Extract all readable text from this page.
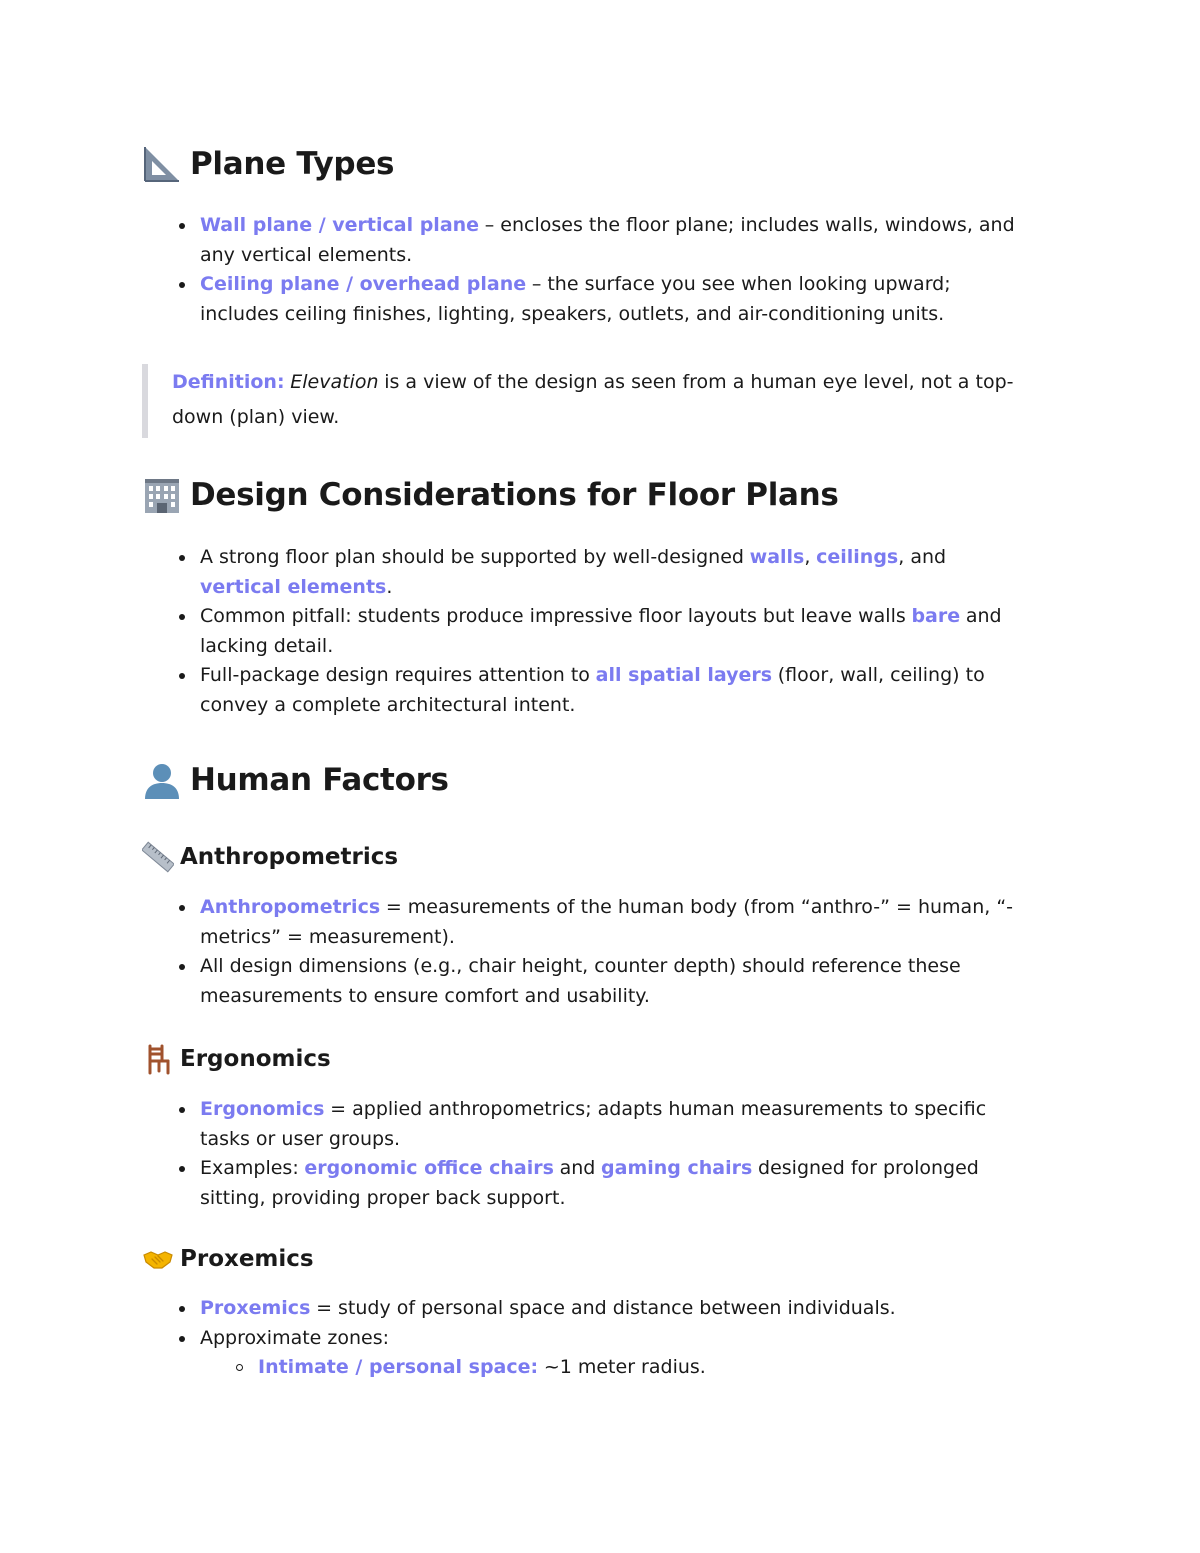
Plane Types
Wall plane / vertical plane – encloses the floor plane; includes walls, windows, and any vertical elements.
Ceiling plane / overhead plane – the surface you see when looking upward; includes ceiling finishes, lighting, speakers, outlets, and air-conditioning units.
Definition: Elevation is a view of the design as seen from a human eye level, not a top-down (plan) view.
Design Considerations for Floor Plans
A strong floor plan should be supported by well-designed walls, ceilings, andvertical elements.
Common pitfall: students produce impressive floor layouts but leave walls bare and lacking detail.
Full-package design requires attention to all spatial layers (floor, wall, ceiling) to convey a complete architectural intent.
Human Factors
Anthropometrics
Anthropometrics = measurements of the human body (from “anthro-” = human, “-metrics” = measurement).
All design dimensions (e.g., chair height, counter depth) should reference these measurements to ensure comfort and usability.
Ergonomics
Ergonomics = applied anthropometrics; adapts human measurements to specific tasks or user groups.
Examples: ergonomic office chairs and gaming chairs designed for prolonged sitting, providing proper back support.
Proxemics
Proxemics = study of personal space and distance between individuals.
Approximate zones:
Intimate / personal space: ~1 meter radius.
